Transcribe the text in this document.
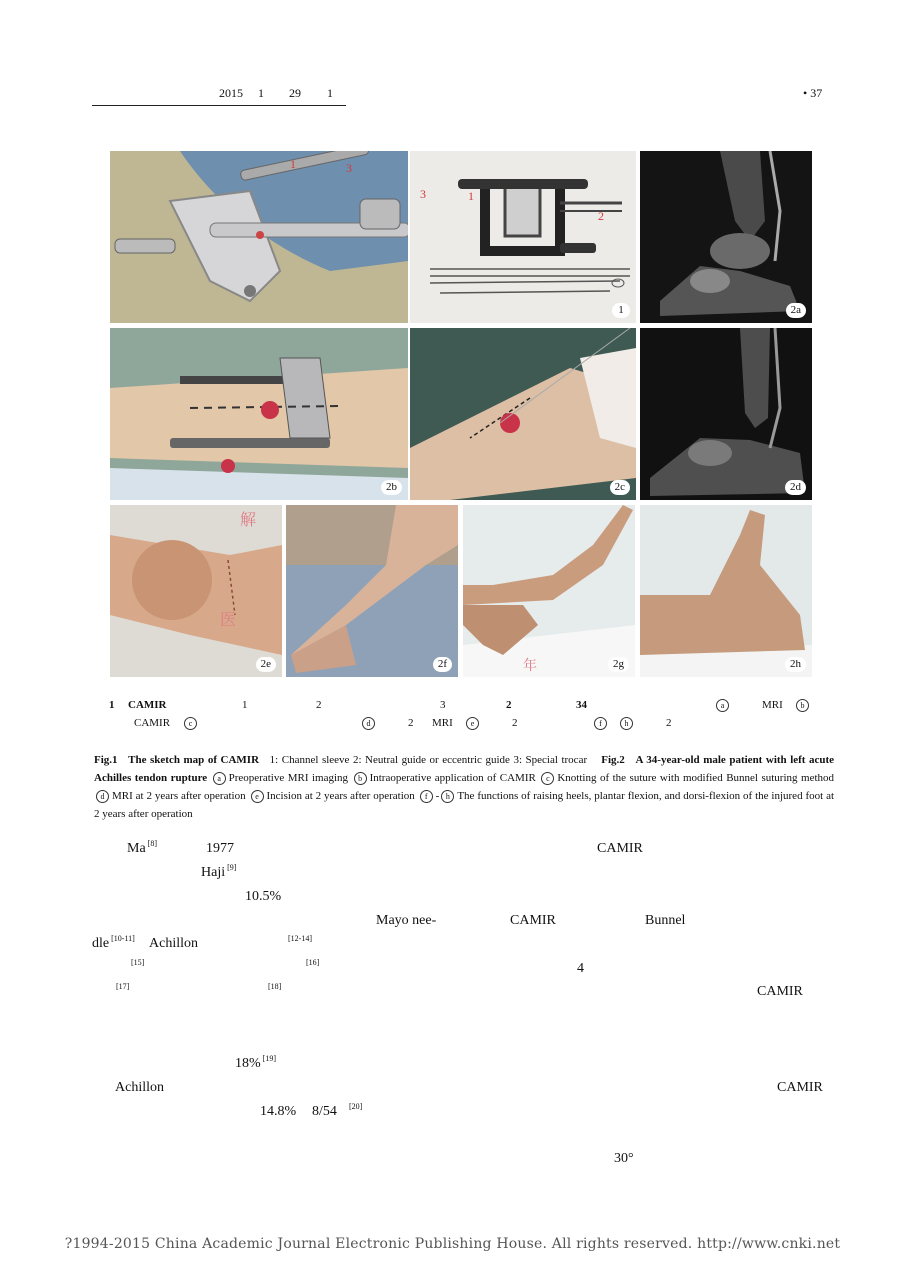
2015 1 29 1	• 37
1	3
3	1
2
1	2a
2b	2c	2d
解
医
2e	2f	年	2g	2h
1 CAMIR	1	2	3	2	34	a	MRI	b
CAMIR	c	d	2 MRI	e	2	f	h	2
Fig.1 The sketch map of CAMIR 1: Channel sleeve 2: Neutral guide or eccentric guide 3: Special trocar Fig.2 A 34-year-old male patient with left acute Achilles tendon rupture a Preoperative MRI imaging b Intraoperative application of CAMIR c Knotting of the suture with modified Bunnel suturing method d MRI at 2 years after operation e Incision at 2 years after operation f - h The functions of raising heels, plantar flexion, and dorsi-flexion of the injured foot at 2 years after operation
Ma [8]	1977	CAMIR
Haji [9]
10.5%
Mayo nee-	CAMIR	Bunnel
dle [10-11] Achillon	[12-14]
[15]	[16]	4
[17]	[18]	CAMIR
18% [19]
Achillon	CAMIR
14.8% 8/54 [20]
30°
?1994-2015 China Academic Journal Electronic Publishing House. All rights reserved. http://www.cnki.net
